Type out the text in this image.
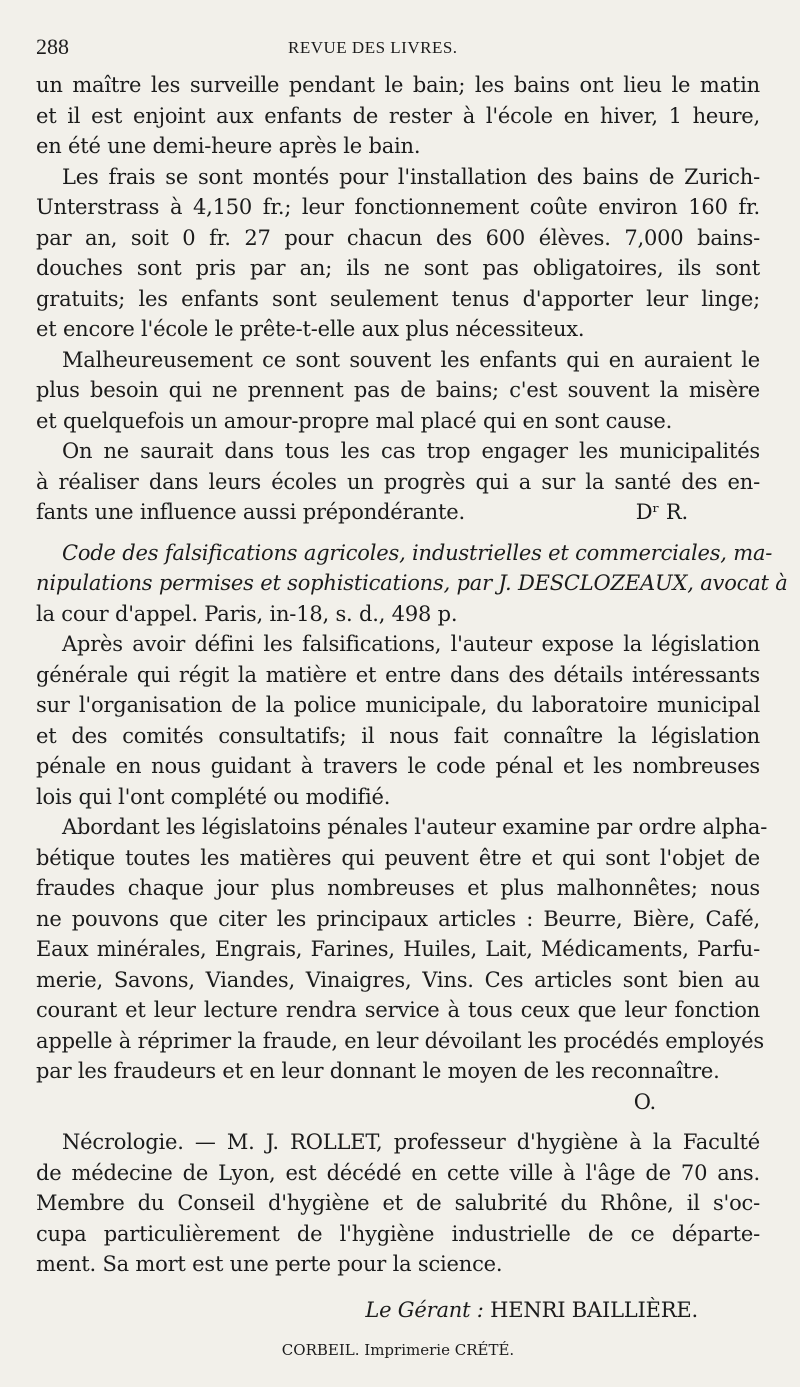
288	REVUE DES LIVRES.
un maître les surveille pendant le bain; les bains ont lieu le matin
et il est enjoint aux enfants de rester à l'école en hiver, 1 heure,
en été une demi-heure après le bain.
Les frais se sont montés pour l'installation des bains de Zurich-
Unterstrass à 4,150 fr.; leur fonctionnement coûte environ 160 fr.
par an, soit 0 fr. 27 pour chacun des 600 élèves. 7,000 bains-
douches sont pris par an; ils ne sont pas obligatoires, ils sont
gratuits; les enfants sont seulement tenus d'apporter leur linge;
et encore l'école le prête-t-elle aux plus nécessiteux.
Malheureusement ce sont souvent les enfants qui en auraient le
plus besoin qui ne prennent pas de bains; c'est souvent la misère
et quelquefois un amour-propre mal placé qui en sont cause.
On ne saurait dans tous les cas trop engager les municipalités
à réaliser dans leurs écoles un progrès qui a sur la santé des en-
fants une influence aussi prépondérante.	Dʳ R.
Code des falsifications agricoles, industrielles et commerciales, ma-
nipulations permises et sophistications, par J. DESCLOZEAUX, avocat à
la cour d'appel. Paris, in-18, s. d., 498 p.
Après avoir défini les falsifications, l'auteur expose la législation
générale qui régit la matière et entre dans des détails intéressants
sur l'organisation de la police municipale, du laboratoire municipal
et des comités consultatifs; il nous fait connaître la législation
pénale en nous guidant à travers le code pénal et les nombreuses
lois qui l'ont complété ou modifié.
Abordant les législatoins pénales l'auteur examine par ordre alpha-
bétique toutes les matières qui peuvent être et qui sont l'objet de
fraudes chaque jour plus nombreuses et plus malhonnêtes; nous
ne pouvons que citer les principaux articles : Beurre, Bière, Café,
Eaux minérales, Engrais, Farines, Huiles, Lait, Médicaments, Parfu-
merie, Savons, Viandes, Vinaigres, Vins. Ces articles sont bien au
courant et leur lecture rendra service à tous ceux que leur fonction
appelle à réprimer la fraude, en leur dévoilant les procédés employés
par les fraudeurs et en leur donnant le moyen de les reconnaître.
O.
Nécrologie. — M. J. ROLLET, professeur d'hygiène à la Faculté
de médecine de Lyon, est décédé en cette ville à l'âge de 70 ans.
Membre du Conseil d'hygiène et de salubrité du Rhône, il s'oc-
cupa particulièrement de l'hygiène industrielle de ce départe-
ment. Sa mort est une perte pour la science.
Le Gérant : HENRI BAILLIÈRE.
CORBEIL. Imprimerie CRÉTÉ.
